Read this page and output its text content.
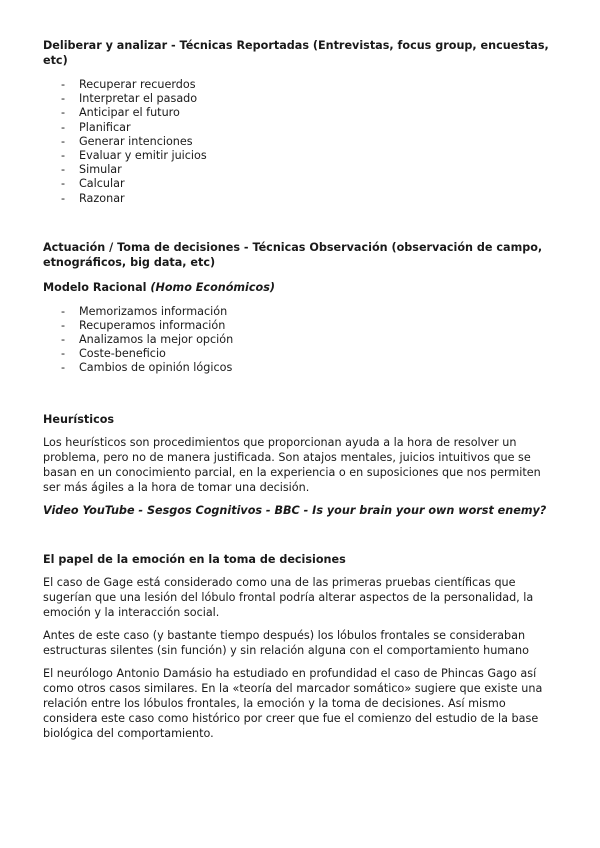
Deliberar y analizar - Técnicas Reportadas (Entrevistas, focus group, encuestas, etc)

- Recuperar recuerdos
- Interpretar el pasado
- Anticipar el futuro
- Planificar
- Generar intenciones
- Evaluar y emitir juicios
- Simular
- Calcular
- Razonar

Actuación / Toma de decisiones - Técnicas Observación (observación de campo, etnográficos, big data, etc)

Modelo Racional (Homo Económicos)

- Memorizamos información
- Recuperamos información
- Analizamos la mejor opción
- Coste-beneficio
- Cambios de opinión lógicos

Heurísticos

Los heurísticos son procedimientos que proporcionan ayuda a la hora de resolver un problema, pero no de manera justificada. Son atajos mentales, juicios intuitivos que se basan en un conocimiento parcial, en la experiencia o en suposiciones que nos permiten ser más ágiles a la hora de tomar una decisión.

Video YouTube - Sesgos Cognitivos - BBC - Is your brain your own worst enemy?

El papel de la emoción en la toma de decisiones

El caso de Gage está considerado como una de las primeras pruebas científicas que sugerían que una lesión del lóbulo frontal podría alterar aspectos de la personalidad, la emoción y la interacción social.

Antes de este caso (y bastante tiempo después) los lóbulos frontales se consideraban estructuras silentes (sin función) y sin relación alguna con el comportamiento humano

El neurólogo Antonio Damásio ha estudiado en profundidad el caso de Phincas Gago así como otros casos similares. En la «teoría del marcador somático» sugiere que existe una relación entre los lóbulos frontales, la emoción y la toma de decisiones. Así mismo considera este caso como histórico por creer que fue el comienzo del estudio de la base biológica del comportamiento.
